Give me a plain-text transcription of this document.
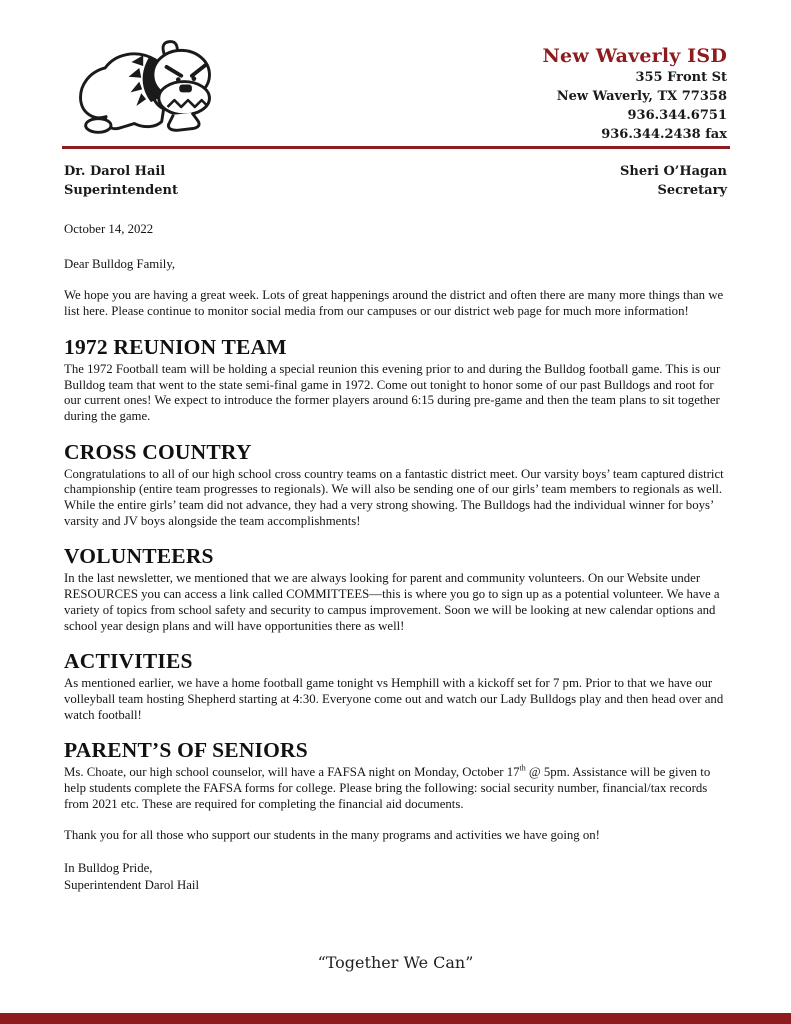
New Waverly ISD
355 Front St
New Waverly, TX 77358
936.344.6751
936.344.2438 fax
Dr. Darol Hail
Superintendent
Sheri O’Hagan
Secretary

October 14, 2022

Dear Bulldog Family,

We hope you are having a great week. Lots of great happenings around the district and often there are many more things than we list here. Please continue to monitor social media from our campuses or our district web page for much more information!

1972 REUNION TEAM

The 1972 Football team will be holding a special reunion this evening prior to and during the Bulldog football game. This is our Bulldog team that went to the state semi-final game in 1972. Come out tonight to honor some of our past Bulldogs and root for our current ones! We expect to introduce the former players around 6:15 during pre-game and then the team plans to sit together during the game.

CROSS COUNTRY

Congratulations to all of our high school cross country teams on a fantastic district meet. Our varsity boys’ team captured district championship (entire team progresses to regionals). We will also be sending one of our girls’ team members to regionals as well. While the entire girls’ team did not advance, they had a very strong showing. The Bulldogs had the individual winner for boys’ varsity and JV boys alongside the team accomplishments!

VOLUNTEERS

In the last newsletter, we mentioned that we are always looking for parent and community volunteers. On our Website under RESOURCES you can access a link called COMMITTEES—this is where you go to sign up as a potential volunteer. We have a variety of topics from school safety and security to campus improvement. Soon we will be looking at new calendar options and school year design plans and will have opportunities there as well!

ACTIVITIES

As mentioned earlier, we have a home football game tonight vs Hemphill with a kickoff set for 7 pm. Prior to that we have our volleyball team hosting Shepherd starting at 4:30. Everyone come out and watch our Lady Bulldogs play and then head over and watch football!

PARENT’S OF SENIORS

Ms. Choate, our high school counselor, will have a FAFSA night on Monday, October 17th @ 5pm. Assistance will be given to help students complete the FAFSA forms for college. Please bring the following: social security number, financial/tax records from 2021 etc. These are required for completing the financial aid documents.

Thank you for all those who support our students in the many programs and activities we have going on!

In Bulldog Pride,
Superintendent Darol Hail
“Together We Can”
